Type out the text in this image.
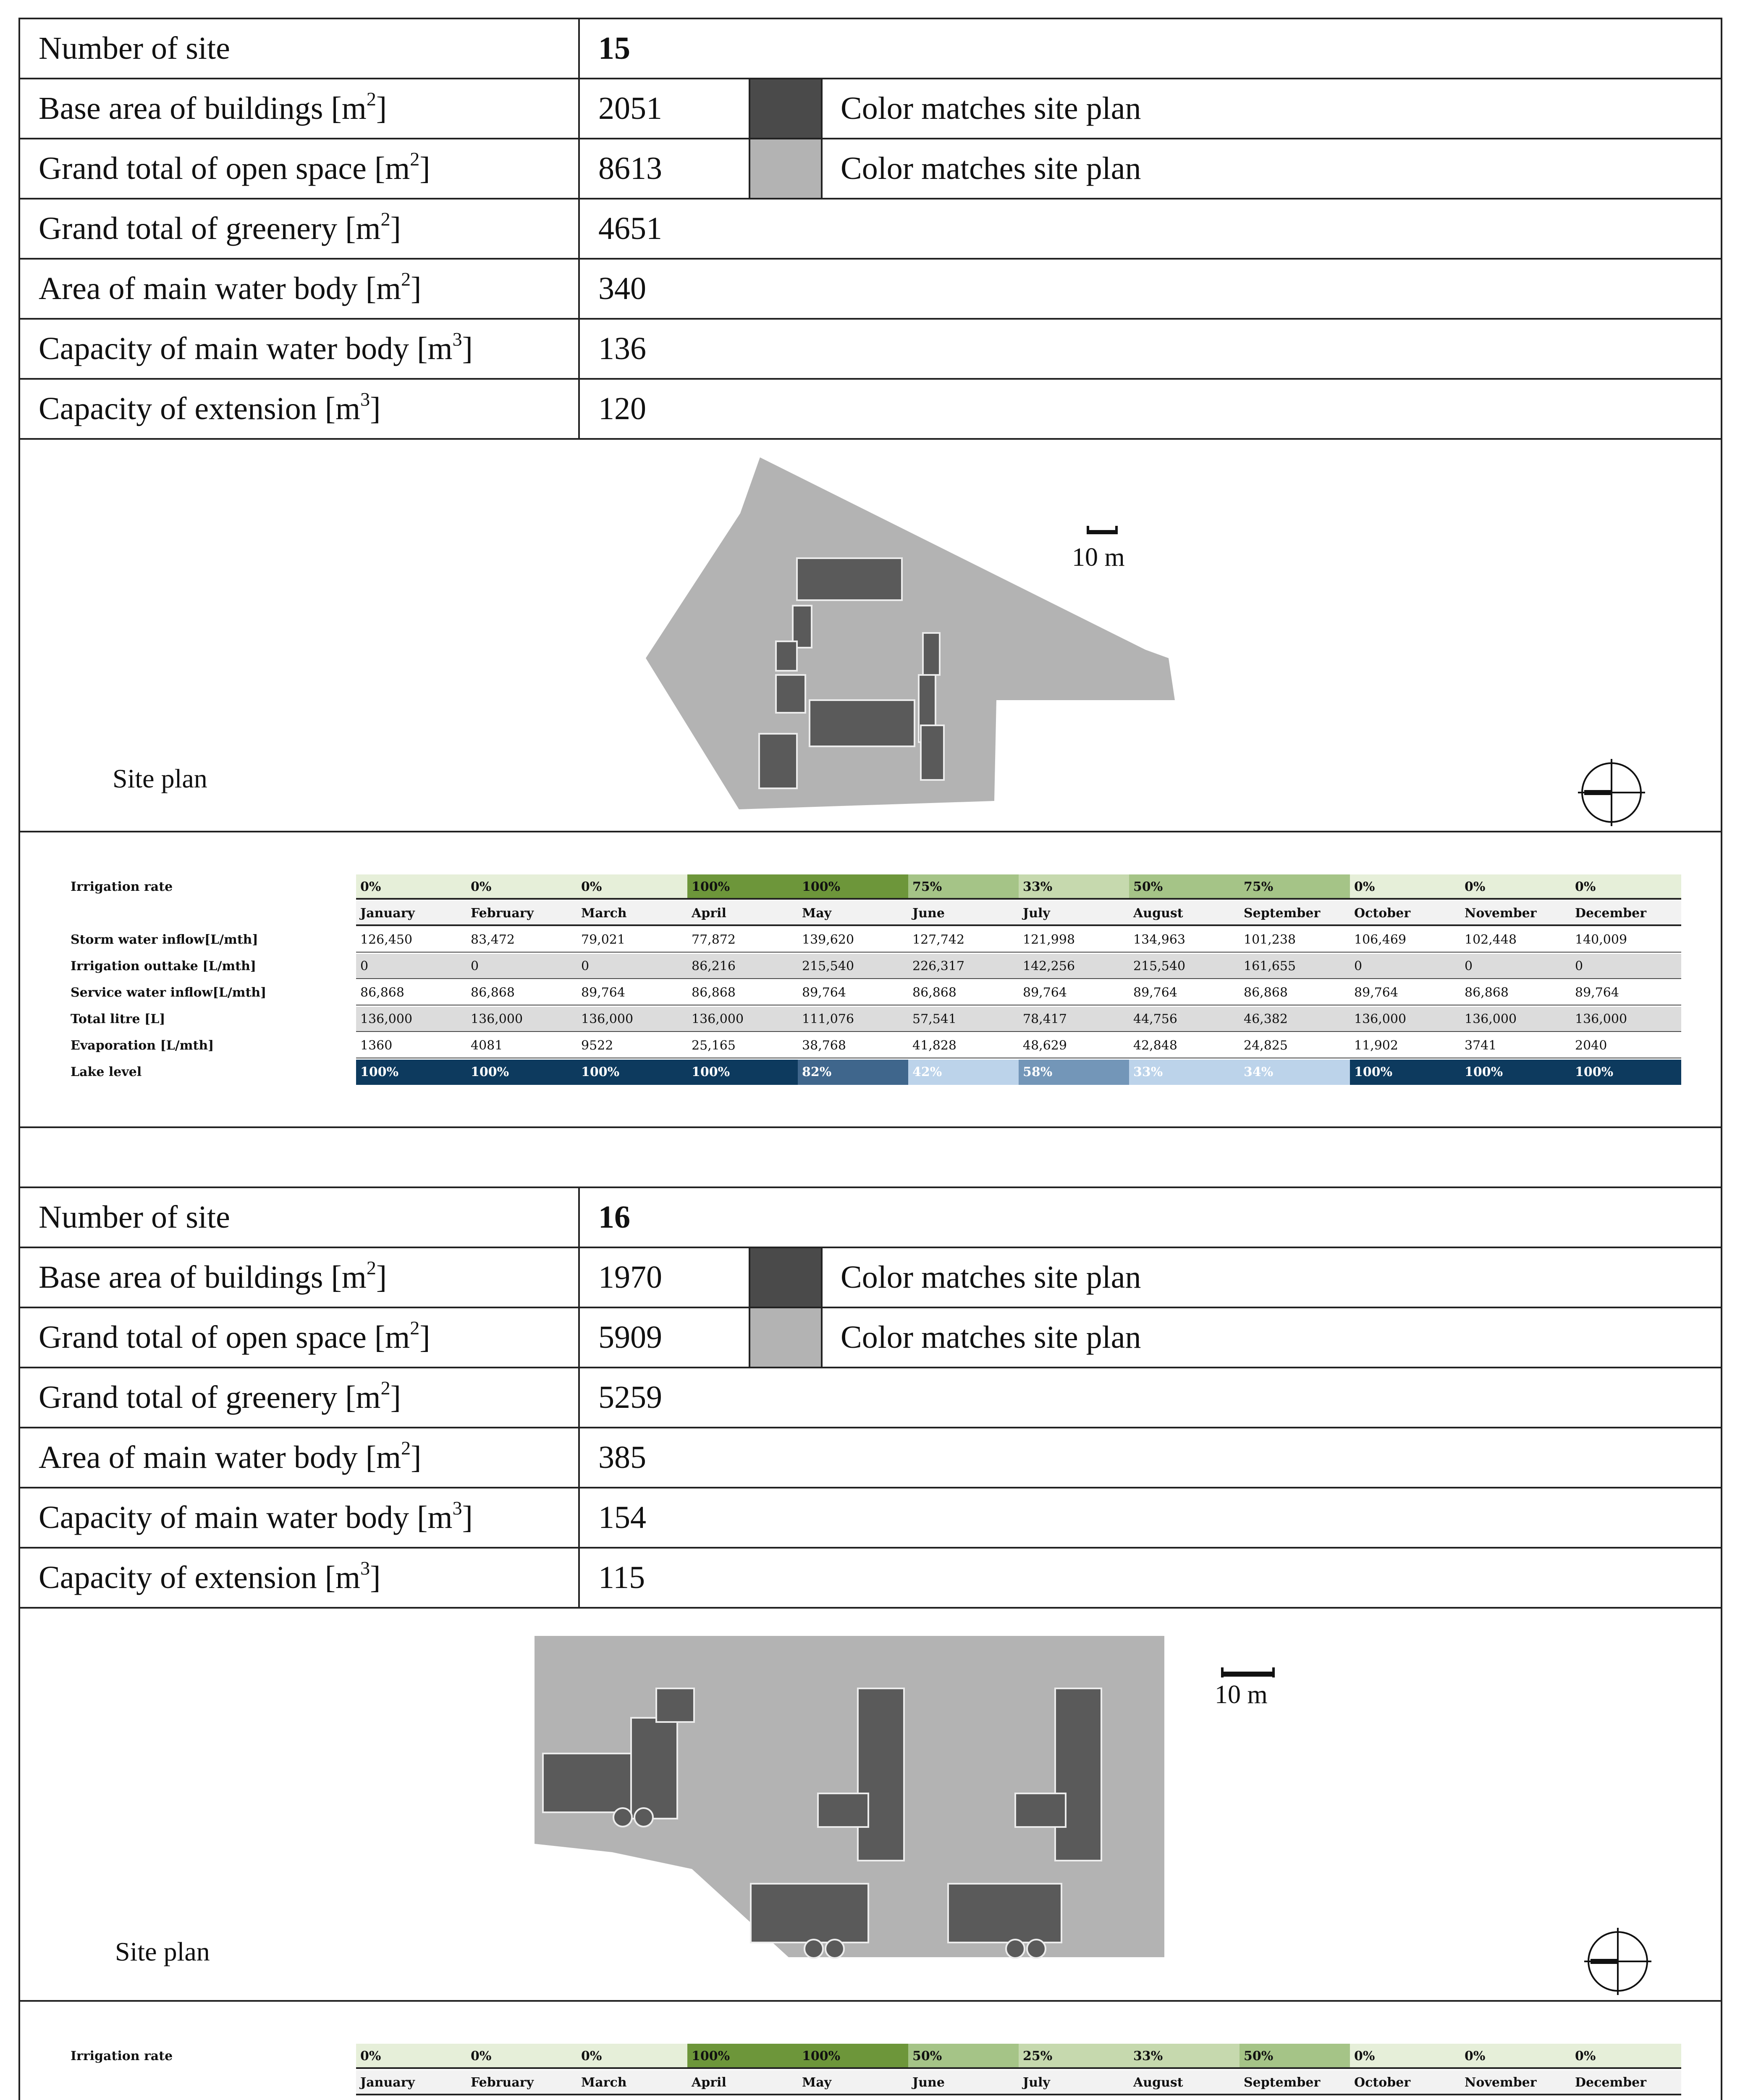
Number of site	15
Base area of buildings $[m^2]$	2051	Color matches site plan
Grand total of open space $[m^2]$	8613	Color matches site plan
Grand total of greenery $[m^2]$	4651
Area of main water body $[m^2]$	340
Capacity of main water body $[m^3]$	136
Capacity of extension $[m^3]$	120
Site plan
10 m
Irrigation rate	0%	0%	0%	100%	100%	75%	33%	50%	75%	0%	0%	0%
January	February	March	April	May	June	July	August	September	October	November	December
Storm water inflow[L/mth]	126,450	83,472	79,021	77,872	139,620	127,742	121,998	134,963	101,238	106,469	102,448	140,009
Irrigation outtake [L/mth]	0	0	0	86,216	215,540	226,317	142,256	215,540	161,655	0	0	0
Service water inflow[L/mth]	86,868	86,868	89,764	86,868	89,764	86,868	89,764	89,764	86,868	89,764	86,868	89,764
Total litre [L]	136,000	136,000	136,000	136,000	111,076	57,541	78,417	44,756	46,382	136,000	136,000	136,000
Evaporation [L/mth]	1360	4081	9522	25,165	38,768	41,828	48,629	42,848	24,825	11,902	3741	2040
Lake level	100%	100%	100%	100%	82%	42%	58%	33%	34%	100%	100%	100%
Number of site	16
Base area of buildings $[m^2]$	1970	Color matches site plan
Grand total of open space $[m^2]$	5909	Color matches site plan
Grand total of greenery $[m^2]$	5259
Area of main water body $[m^2]$	385
Capacity of main water body $[m^3]$	154
Capacity of extension $[m^3]$	115
Site plan
10 m
Irrigation rate	0%	0%	0%	100%	100%	50%	25%	33%	50%	0%	0%	0%
January	February	March	April	May	June	July	August	September	October	November	December
